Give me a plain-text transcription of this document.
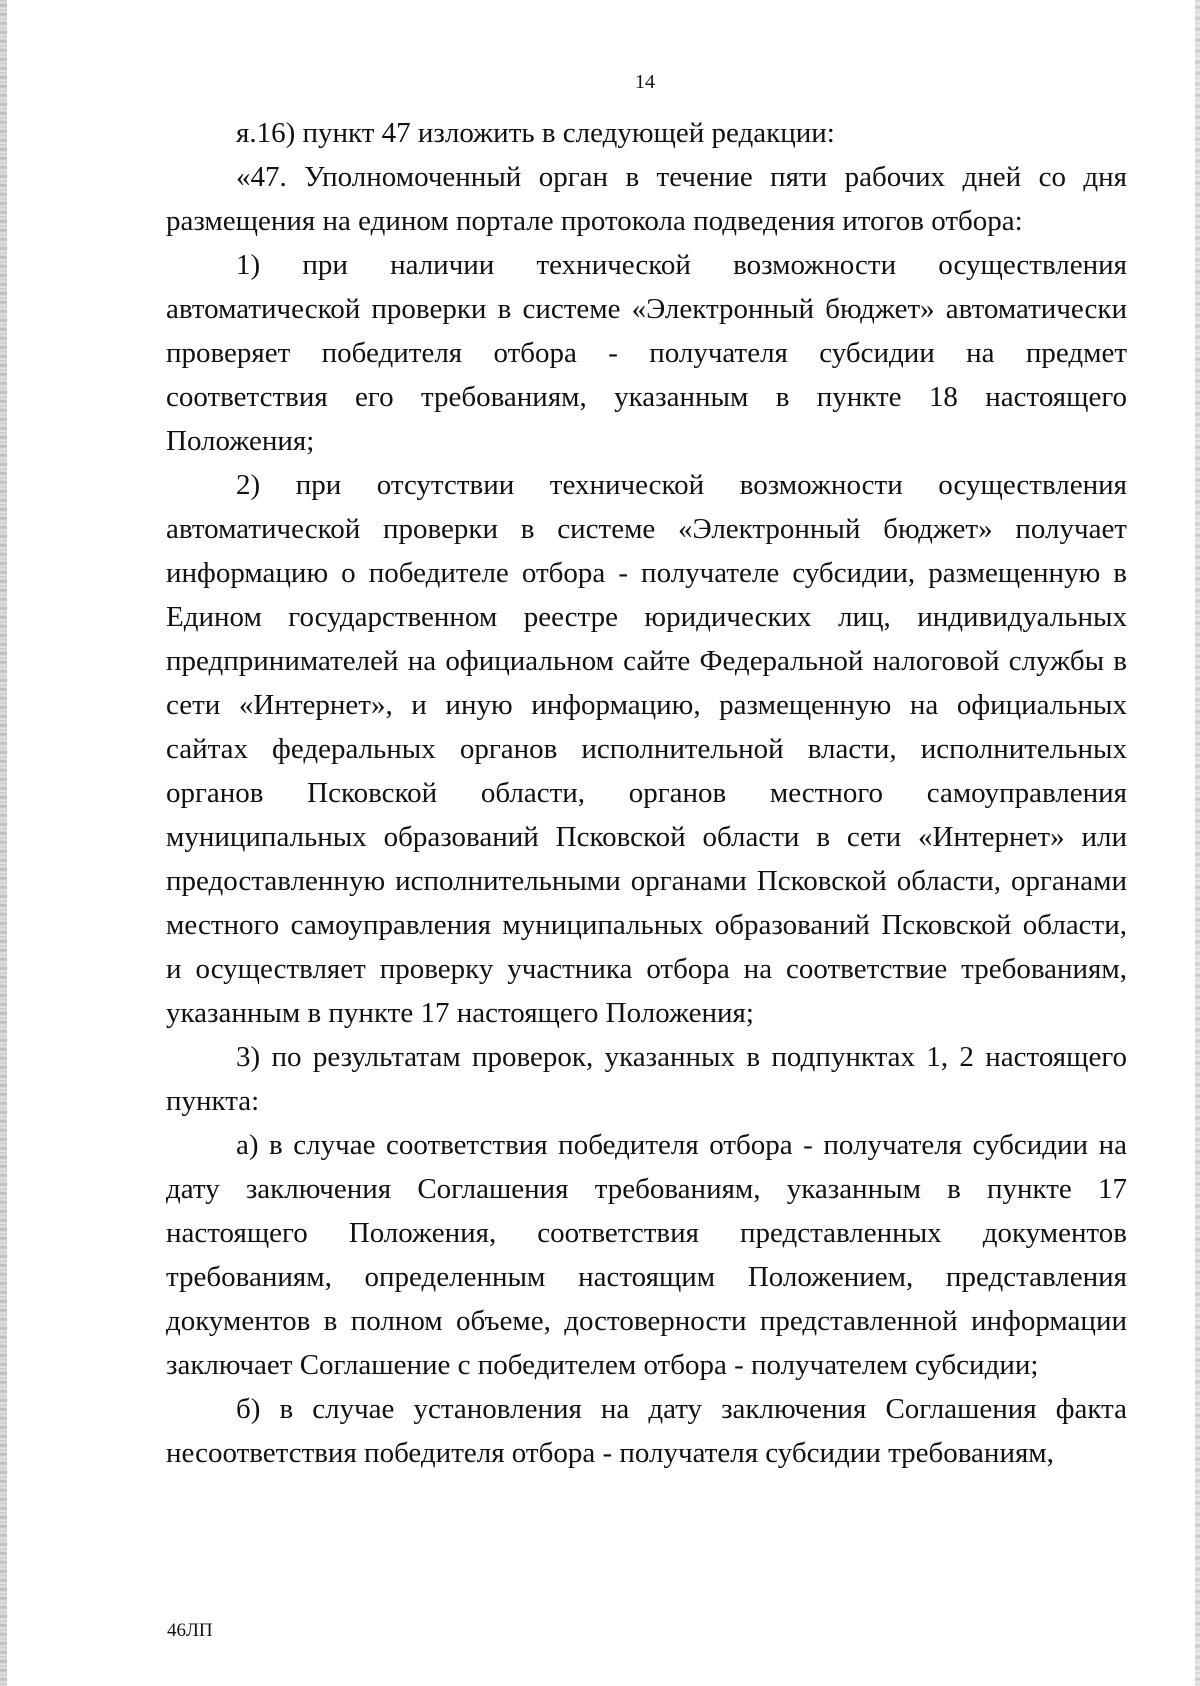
14

я.16) пункт 47 изложить в следующей редакции:

«47. Уполномоченный орган в течение пяти рабочих дней со дня размещения на едином портале протокола подведения итогов отбора:

1) при наличии технической возможности осуществления автоматической проверки в системе «Электронный бюджет» автоматически проверяет победителя отбора - получателя субсидии на предмет соответствия его требованиям, указанным в пункте 18 настоящего Положения;

2) при отсутствии технической возможности осуществления автоматической проверки в системе «Электронный бюджет» получает информацию о победителе отбора - получателе субсидии, размещенную в Едином государственном реестре юридических лиц, индивидуальных предпринимателей на официальном сайте Федеральной налоговой службы в сети «Интернет», и иную информацию, размещенную на официальных сайтах федеральных органов исполнительной власти, исполнительных органов Псковской области, органов местного самоуправления муниципальных образований Псковской области в сети «Интернет» или предоставленную исполнительными органами Псковской области, органами местного самоуправления муниципальных образований Псковской области, и осуществляет проверку участника отбора на соответствие требованиям, указанным в пункте 17 настоящего Положения;

3) по результатам проверок, указанных в подпунктах 1, 2 настоящего пункта:

а) в случае соответствия победителя отбора - получателя субсидии на дату заключения Соглашения требованиям, указанным в пункте 17 настоящего Положения, соответствия представленных документов требованиям, определенным настоящим Положением, представления документов в полном объеме, достоверности представленной информации заключает Соглашение с победителем отбора - получателем субсидии;

б) в случае установления на дату заключения Соглашения факта несоответствия победителя отбора - получателя субсидии требованиям,

46ЛП
